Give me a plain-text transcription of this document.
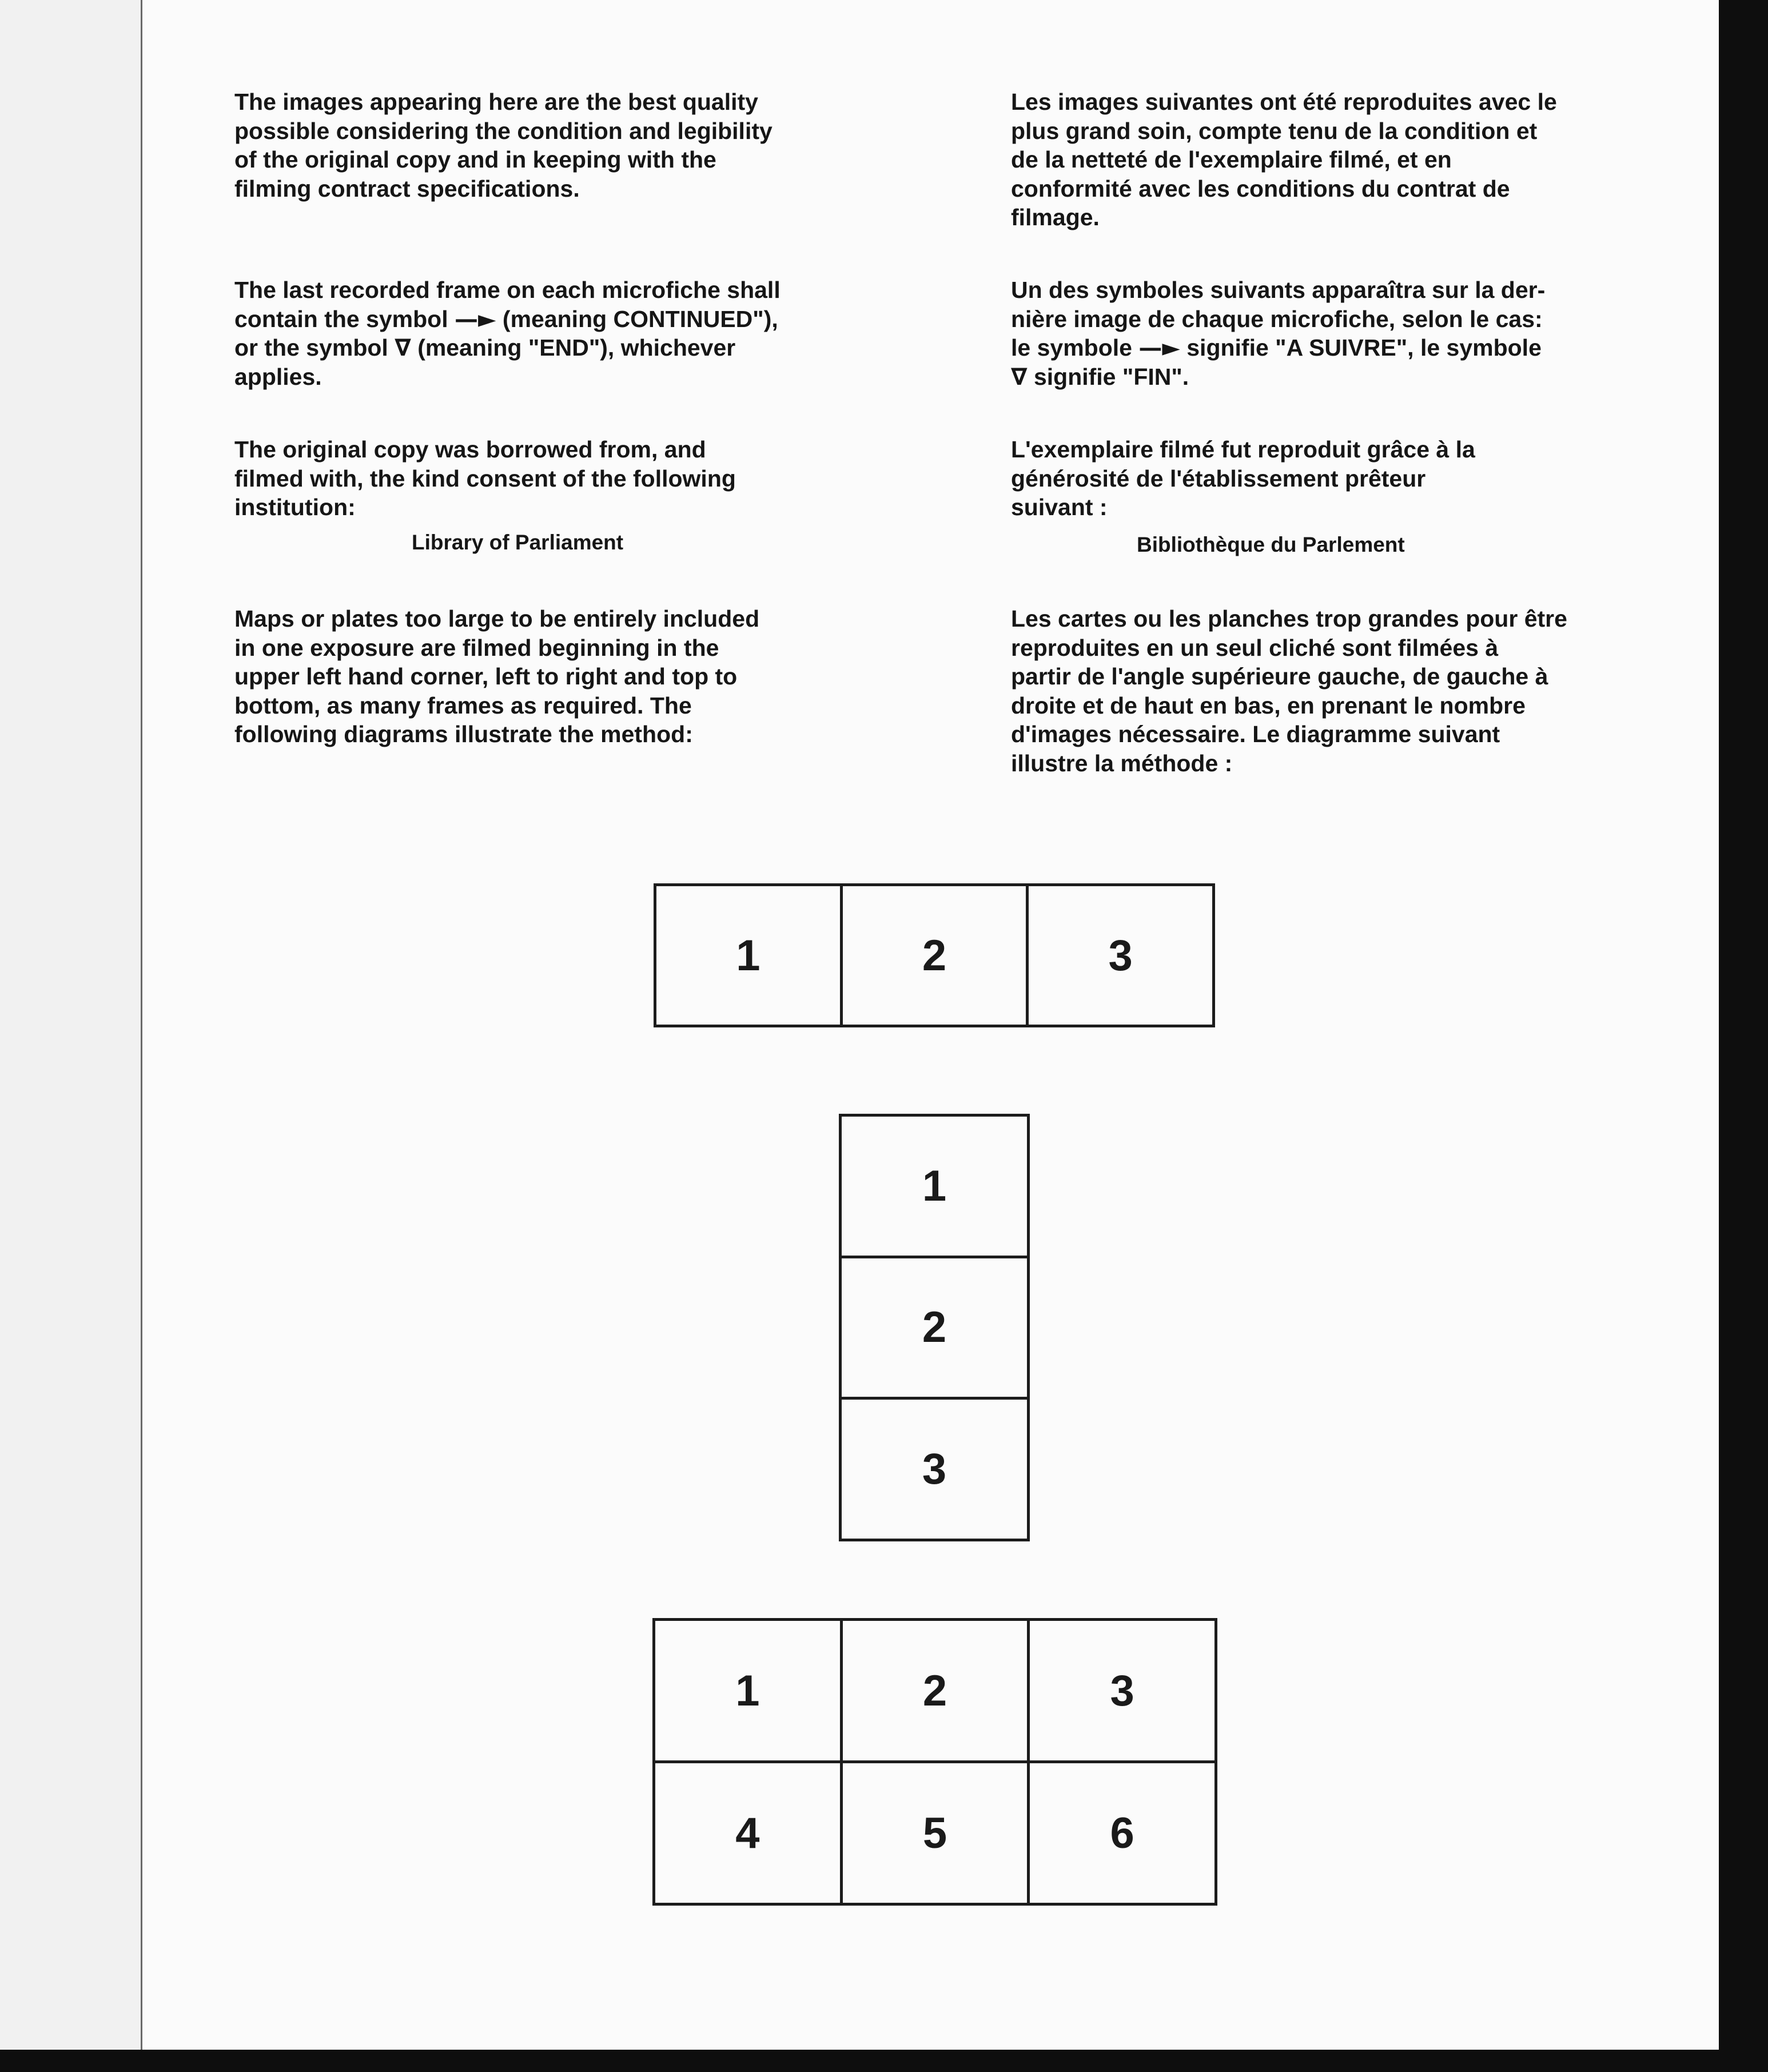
The images appearing here are the best quality
possible considering the condition and legibility
of the original copy and in keeping with the
filming contract specifications.

The last recorded frame on each microfiche shall
contain the symbol —► (meaning CONTINUED"),
or the symbol ∇ (meaning "END"), whichever
applies.

The original copy was borrowed from, and
filmed with, the kind consent of the following
institution:

Library of Parliament

Maps or plates too large to be entirely included
in one exposure are filmed beginning in the
upper left hand corner, left to right and top to
bottom, as many frames as required. The
following diagrams illustrate the method:

Les images suivantes ont été reproduites avec le
plus grand soin, compte tenu de la condition et
de la netteté de l'exemplaire filmé, et en
conformité avec les conditions du contrat de
filmage.

Un des symboles suivants apparaîtra sur la der-
nière image de chaque microfiche, selon le cas:
le symbole —► signifie "A SUIVRE", le symbole
∇ signifie "FIN".

L'exemplaire filmé fut reproduit grâce à la
générosité de l'établissement prêteur
suivant :

Bibliothèque du Parlement

Les cartes ou les planches trop grandes pour être
reproduites en un seul cliché sont filmées à
partir de l'angle supérieure gauche, de gauche à
droite et de haut en bas, en prenant le nombre
d'images nécessaire. Le diagramme suivant
illustre la méthode :

1	2	3
1
2
3
1	2	3
4	5	6
